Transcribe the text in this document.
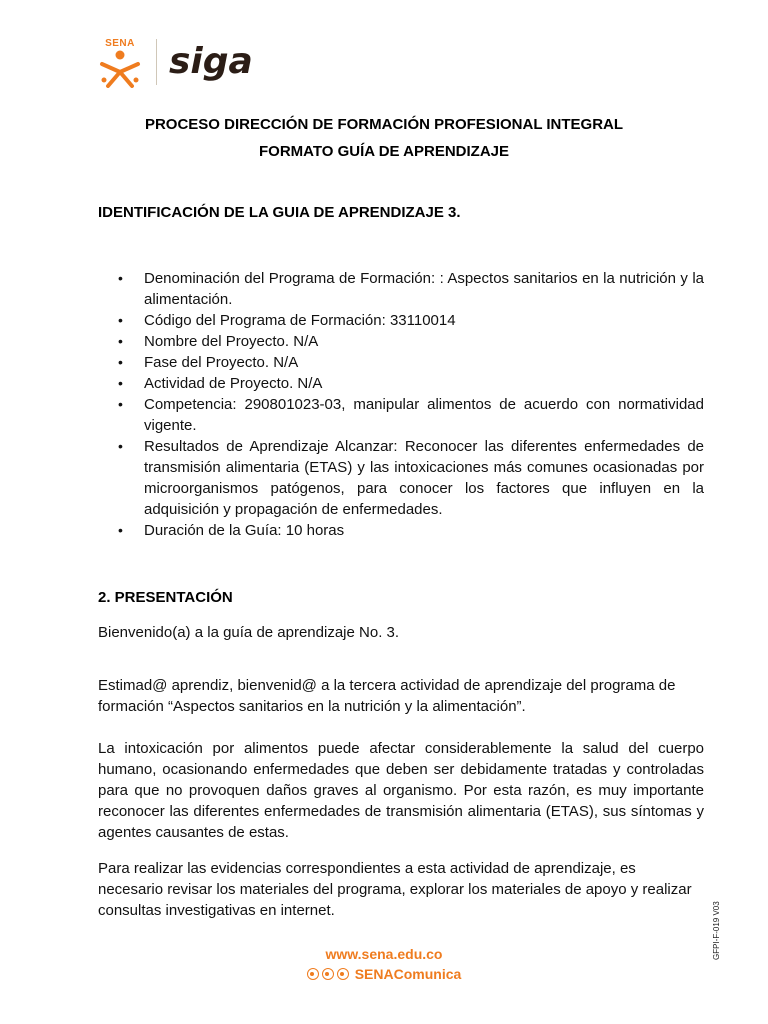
SENA siga
PROCESO DIRECCIÓN DE FORMACIÓN PROFESIONAL INTEGRAL
FORMATO GUÍA DE APRENDIZAJE
IDENTIFICACIÓN DE LA GUIA DE APRENDIZAJE 3.
• Denominación del Programa de Formación: : Aspectos sanitarios en la nutrición y la alimentación.
• Código del Programa de Formación: 33110014
• Nombre del Proyecto. N/A
• Fase del Proyecto. N/A
• Actividad de Proyecto. N/A
• Competencia: 290801023-03, manipular alimentos de acuerdo con normatividad vigente.
• Resultados de Aprendizaje Alcanzar: Reconocer las diferentes enfermedades de transmisión alimentaria (ETAS) y las intoxicaciones más comunes ocasionadas por microorganismos patógenos, para conocer los factores que influyen en la adquisición y propagación de enfermedades.
• Duración de la Guía: 10 horas
2. PRESENTACIÓN

Bienvenido(a) a la guía de aprendizaje No. 3.

Estimad@ aprendiz, bienvenid@ a la tercera actividad de aprendizaje del programa de formación “Aspectos sanitarios en la nutrición y la alimentación”.

La intoxicación por alimentos puede afectar considerablemente la salud del cuerpo humano, ocasionando enfermedades que deben ser debidamente tratadas y controladas para que no provoquen daños graves al organismo. Por esta razón, es muy importante reconocer las diferentes enfermedades de transmisión alimentaria (ETAS), sus síntomas y agentes causantes de estas.

Para realizar las evidencias correspondientes a esta actividad de aprendizaje, es necesario revisar los materiales del programa, explorar los materiales de apoyo y realizar consultas investigativas en internet.

www.sena.edu.co
SENAComunica
GFPI-F-019 V03
